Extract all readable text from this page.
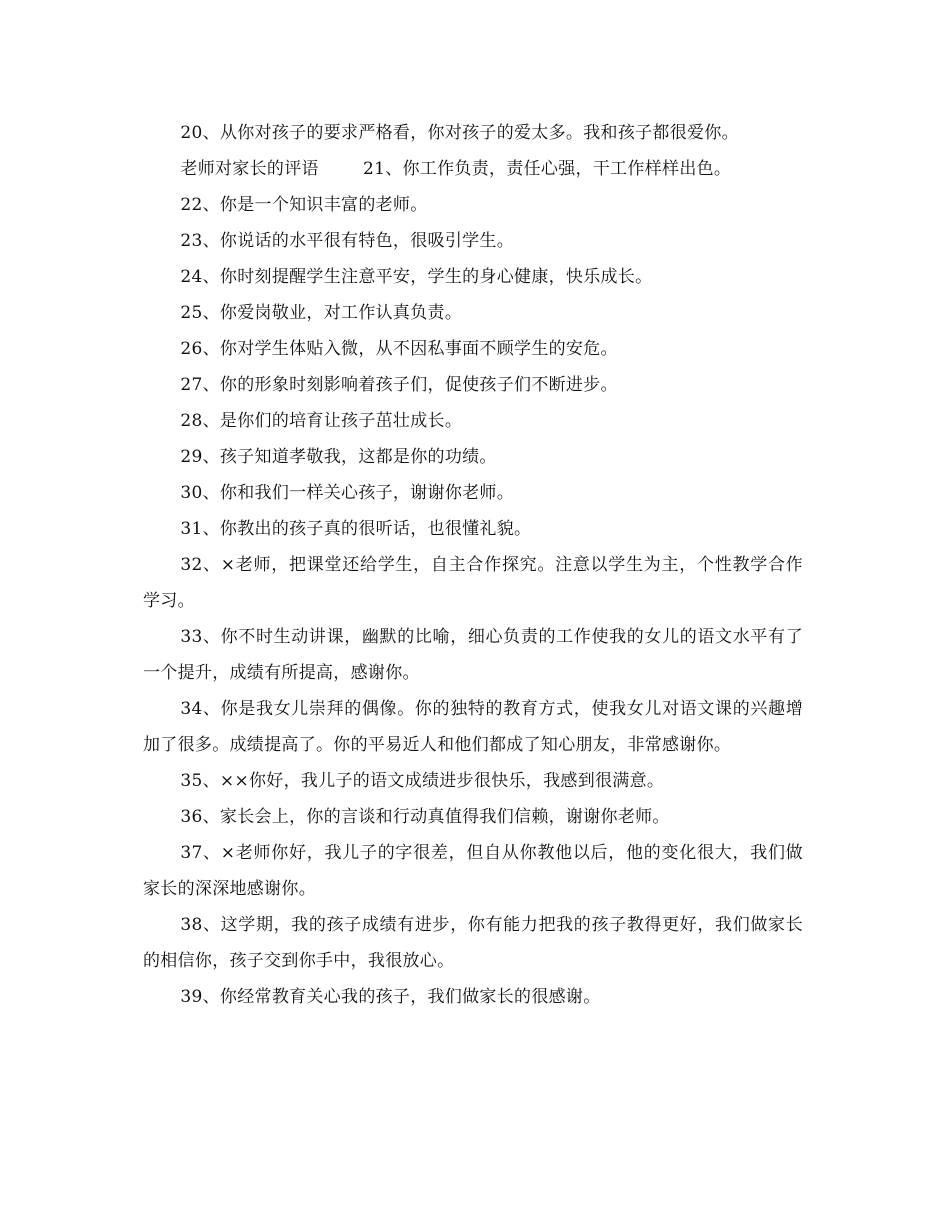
20、从你对孩子的要求严格看，你对孩子的爱太多。我和孩子都很爱你。

老师对家长的评语	21、你工作负责，责任心强，干工作样样出色。

22、你是一个知识丰富的老师。

23、你说话的水平很有特色，很吸引学生。

24、你时刻提醒学生注意平安，学生的身心健康，快乐成长。

25、你爱岗敬业，对工作认真负责。

26、你对学生体贴入微，从不因私事面不顾学生的安危。

27、你的形象时刻影响着孩子们，促使孩子们不断进步。

28、是你们的培育让孩子茁壮成长。

29、孩子知道孝敬我，这都是你的功绩。

30、你和我们一样关心孩子，谢谢你老师。

31、你教出的孩子真的很听话，也很懂礼貌。

32、×老师，把课堂还给学生，自主合作探究。注意以学生为主，个性教学合作学习。

33、你不时生动讲课，幽默的比喻，细心负责的工作使我的女儿的语文水平有了一个提升，成绩有所提高，感谢你。

34、你是我女儿崇拜的偶像。你的独特的教育方式，使我女儿对语文课的兴趣增加了很多。成绩提高了。你的平易近人和他们都成了知心朋友，非常感谢你。

35、××你好，我儿子的语文成绩进步很快乐，我感到很满意。

36、家长会上，你的言谈和行动真值得我们信赖，谢谢你老师。

37、×老师你好，我儿子的字很差，但自从你教他以后，他的变化很大，我们做家长的深深地感谢你。

38、这学期，我的孩子成绩有进步，你有能力把我的孩子教得更好，我们做家长的相信你，孩子交到你手中，我很放心。

39、你经常教育关心我的孩子，我们做家长的很感谢。
